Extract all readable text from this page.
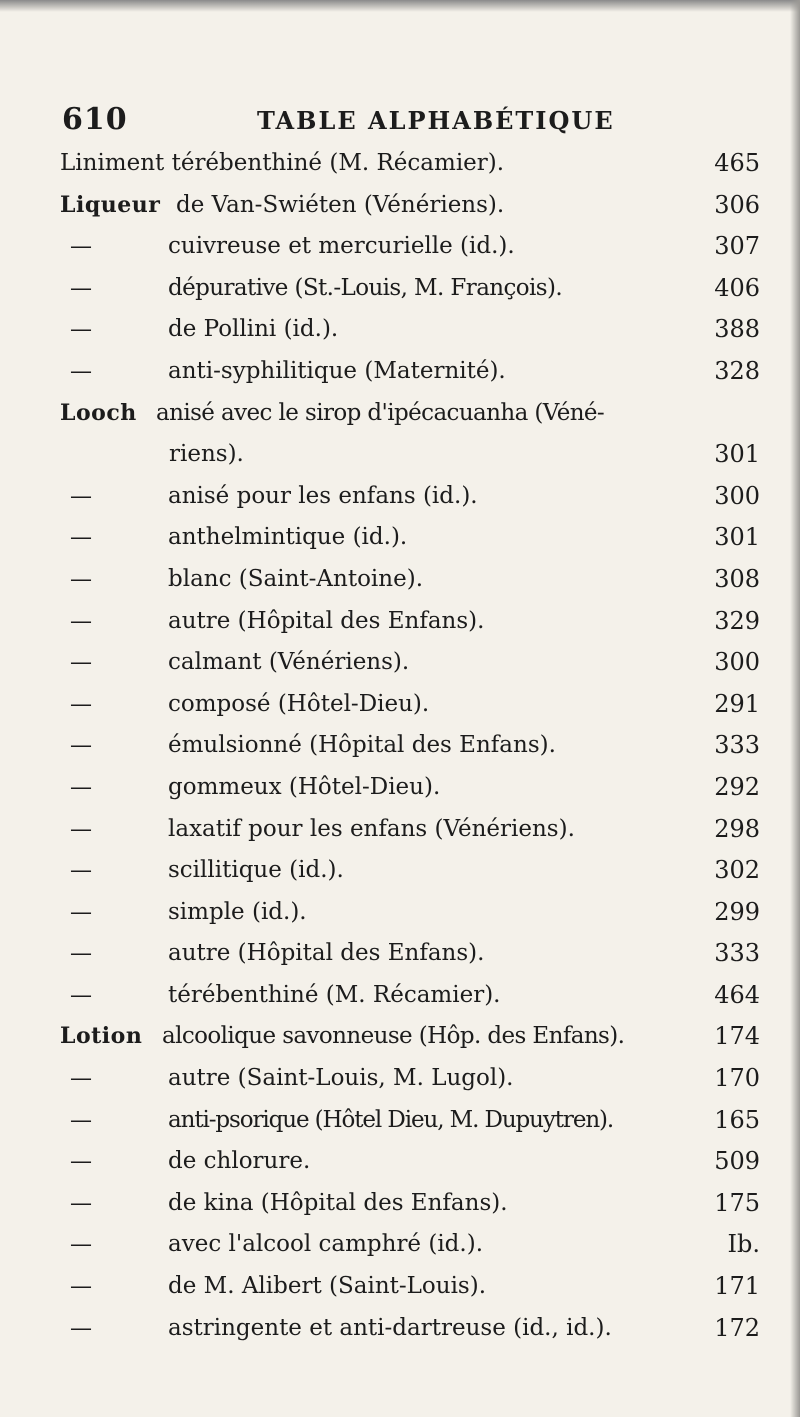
610	TABLE ALPHABÉTIQUE
Liniment térébenthiné (M. Récamier).	465
Liqueur de Van-Swiéten (Vénériens).	306
—	cuivreuse et mercurielle (id.).	307
—	dépurative (St.-Louis, M. François).	406
—	de Pollini (id.).	388
—	anti-syphilitique (Maternité).	328
Looch anisé avec le sirop d'ipécacuanha (Véné-
riens).	301
—	anisé pour les enfans (id.).	300
—	anthelmintique (id.).	301
—	blanc (Saint-Antoine).	308
—	autre (Hôpital des Enfans).	329
—	calmant (Vénériens).	300
—	composé (Hôtel-Dieu).	291
—	émulsionné (Hôpital des Enfans).	333
—	gommeux (Hôtel-Dieu).	292
—	laxatif pour les enfans (Vénériens).	298
—	scillitique (id.).	302
—	simple (id.).	299
—	autre (Hôpital des Enfans).	333
—	térébenthiné (M. Récamier).	464
Lotion alcoolique savonneuse (Hôp. des Enfans).	174
—	autre (Saint-Louis, M. Lugol).	170
—	anti-psorique (Hôtel Dieu, M. Dupuytren).	165
—	de chlorure.	509
—	de kina (Hôpital des Enfans).	175
—	avec l'alcool camphré (id.).	Ib.
—	de M. Alibert (Saint-Louis).	171
—	astringente et anti-dartreuse (id., id.).	172
